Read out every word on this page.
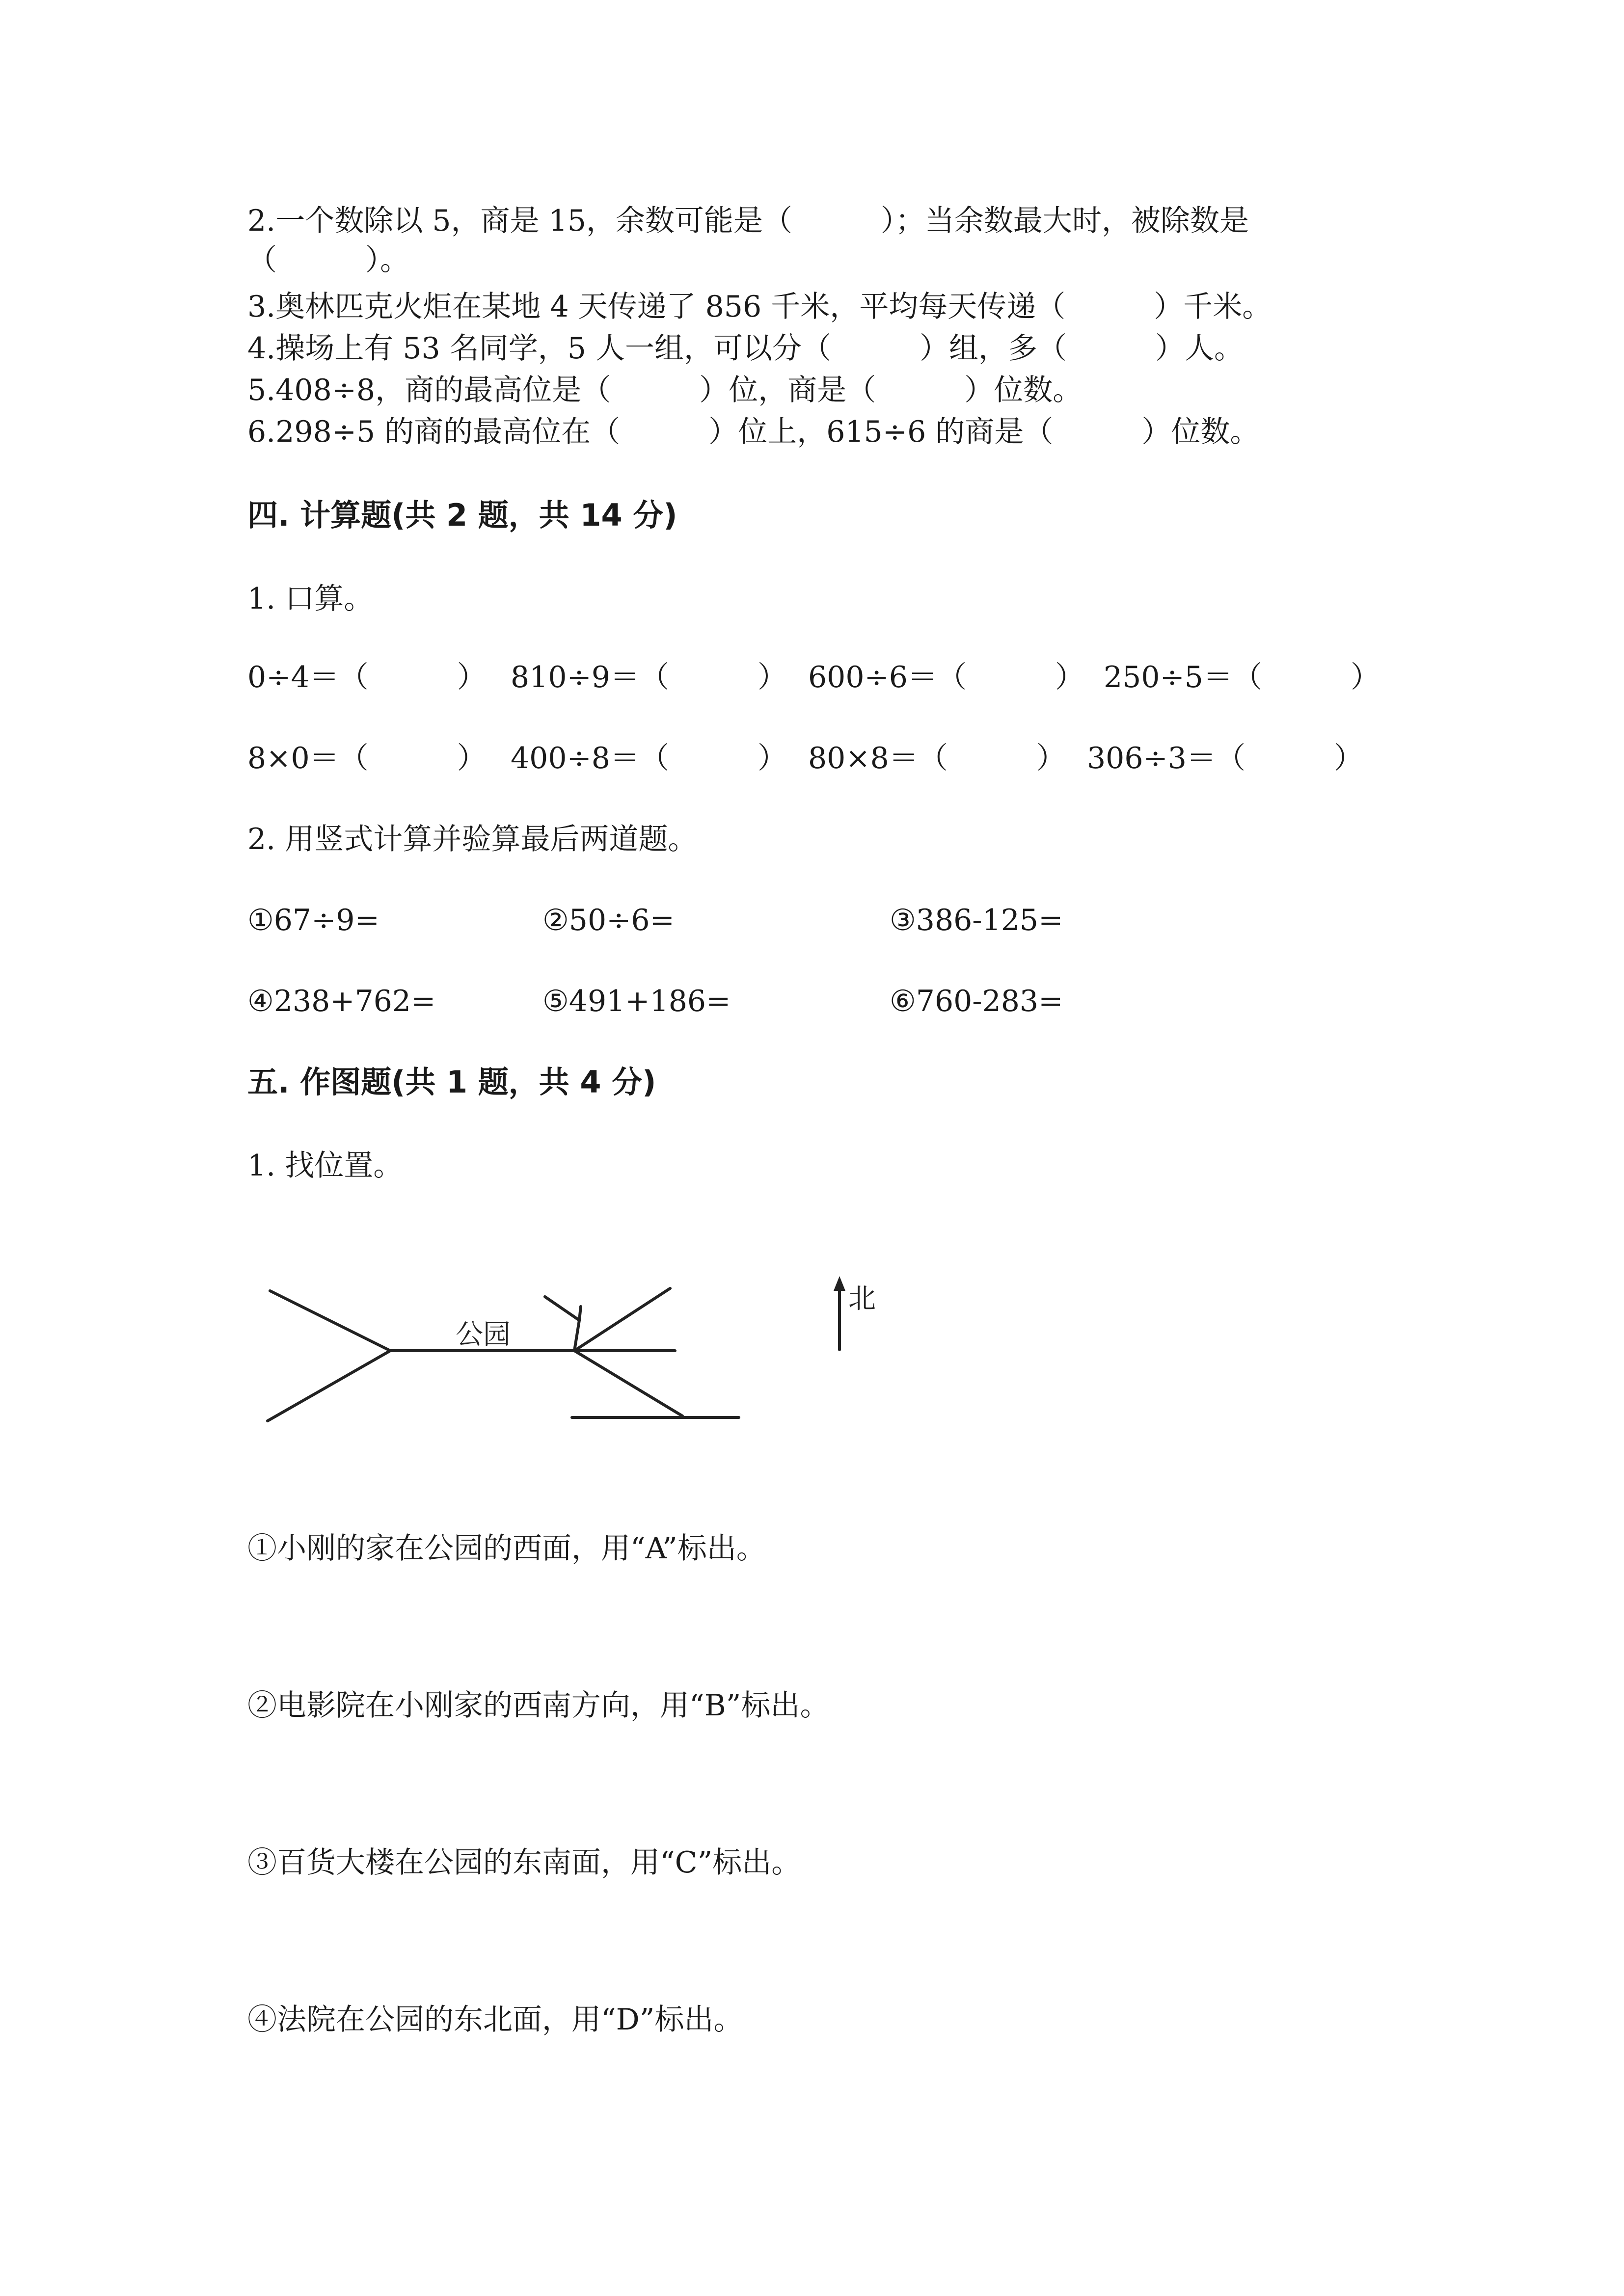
2.一个数除以 5，商是 15，余数可能是（　　　）；当余数最大时，被除数是
（　　　）。
3.奥林匹克火炬在某地 4 天传递了 856 千米，平均每天传递（　　　）千米。
4.操场上有 53 名同学，5 人一组，可以分（　　　）组，多（　　　）人。
5.408÷8，商的最高位是（　　　）位，商是（　　　）位数。
6.298÷5 的商的最高位在（　　　）位上，615÷6 的商是（　　　）位数。
四. 计算题(共 2 题，共 14 分)
1. 口算。
0÷4＝（　　　） 810÷9＝（　　　） 600÷6＝（　　　） 250÷5＝（　　　）
8×0＝（　　　） 400÷8＝（　　　） 80×8＝（　　　） 306÷3＝（　　　）
2. 用竖式计算并验算最后两道题。
①67÷9=	②50÷6=	③386-125=
④238+762=	⑤491+186=	⑥760-283=
五. 作图题(共 1 题，共 4 分)
1. 找位置。
公园
北
①小刚的家在公园的西面，用“A”标出。
②电影院在小刚家的西南方向，用“B”标出。
③百货大楼在公园的东南面，用“C”标出。
④法院在公园的东北面，用“D”标出。
